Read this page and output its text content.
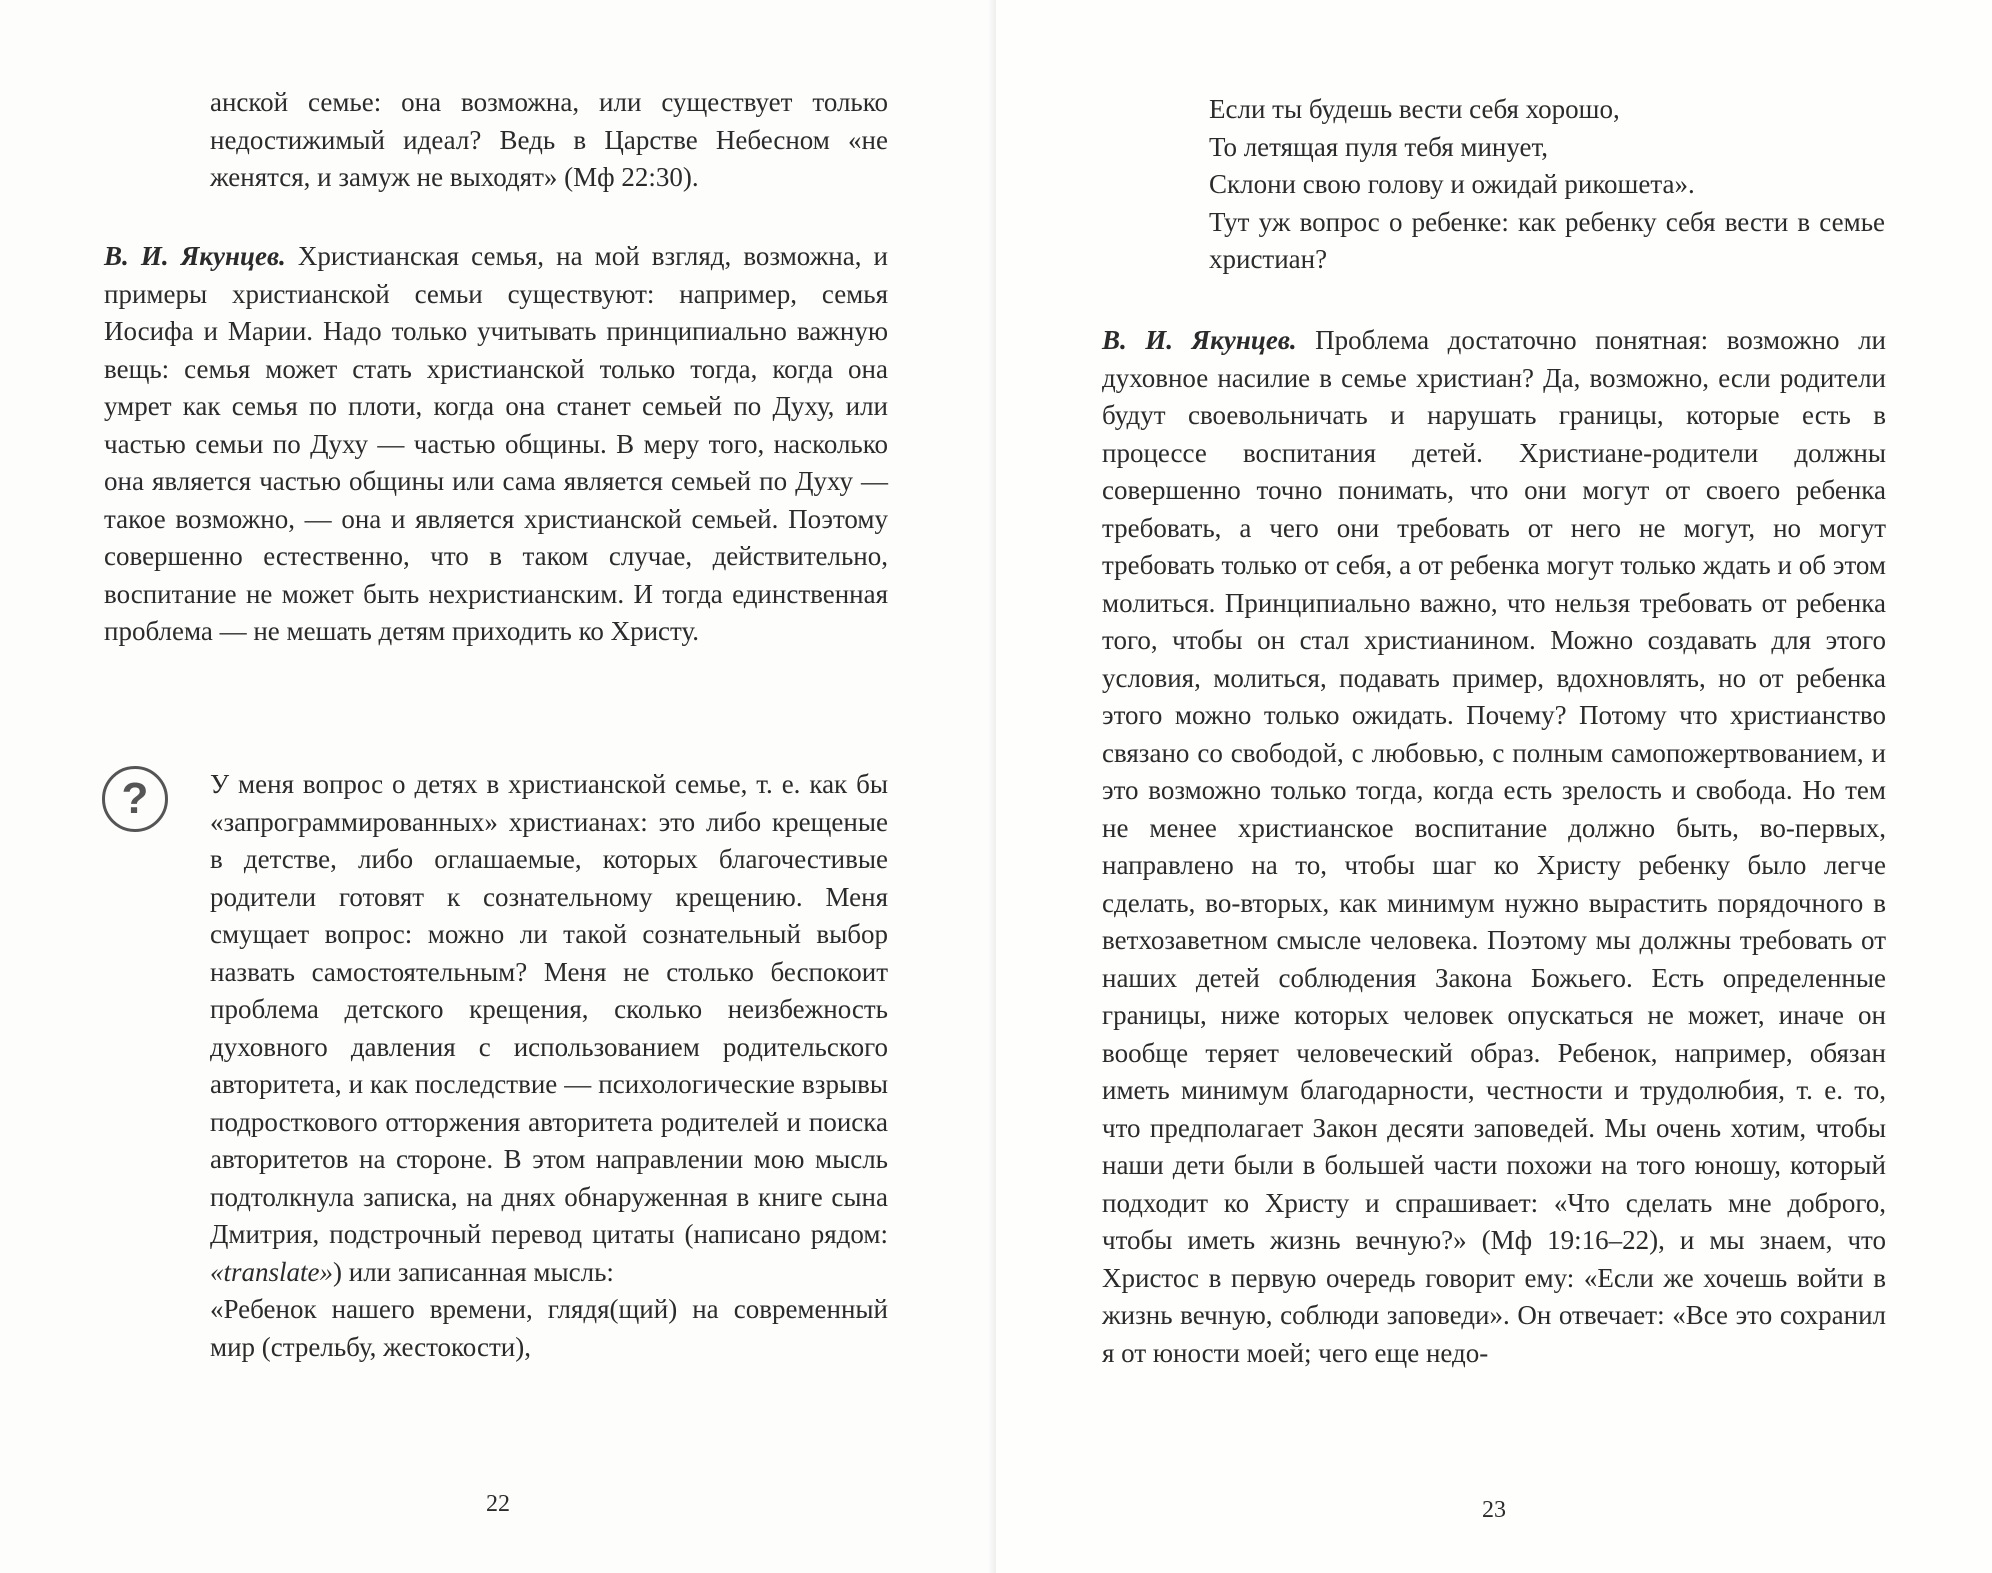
анской семье: она возможна, или существует только недостижимый идеал? Ведь в Царстве Небесном «не женятся, и замуж не выходят» (Мф 22:30).

В. И. Якунцев. Христианская семья, на мой взгляд, возможна, и примеры христианской семьи существуют: например, семья Иосифа и Марии. Надо только учитывать принципиально важную вещь: семья может стать христианской только тогда, когда она умрет как семья по плоти, когда она станет семьей по Духу, или частью семьи по Духу — частью общины. В меру того, насколько она является частью общины или сама является семьей по Духу — такое возможно, — она и является христианской семьей. Поэтому совершенно естественно, что в таком случае, действительно, воспитание не может быть нехристианским. И тогда единственная проблема — не мешать детям приходить ко Христу.

? У меня вопрос о детях в христианской семье, т. е. как бы «запрограммированных» христианах: это либо крещеные в детстве, либо оглашаемые, которых благочестивые родители готовят к сознательному крещению. Меня смущает вопрос: можно ли такой сознательный выбор назвать самостоятельным? Меня не столько беспокоит проблема детского крещения, сколько неизбежность духовного давления с использованием родительского авторитета, и как последствие — психологические взрывы подросткового отторжения авторитета родителей и поиска авторитетов на стороне. В этом направлении мою мысль подтолкнула записка, на днях обнаруженная в книге сына Дмитрия, подстрочный перевод цитаты (написано рядом: «translate») или записанная мысль:

«Ребенок нашего времени, глядя(щий) на современный мир (стрельбу, жестокости),

22

Если ты будешь вести себя хорошо,

То летящая пуля тебя минует,

Склони свою голову и ожидай рикошета».

Тут уж вопрос о ребенке: как ребенку себя вести в семье христиан?

В. И. Якунцев. Проблема достаточно понятная: возможно ли духовное насилие в семье христиан? Да, возможно, если родители будут своевольничать и нарушать границы, которые есть в процессе воспитания детей. Христиане-родители должны совершенно точно понимать, что они могут от своего ребенка требовать, а чего они требовать от него не могут, но могут требовать только от себя, а от ребенка могут только ждать и об этом молиться. Принципиально важно, что нельзя требовать от ребенка того, чтобы он стал христианином. Можно создавать для этого условия, молиться, подавать пример, вдохновлять, но от ребенка этого можно только ожидать. Почему? Потому что христианство связано со свободой, с любовью, с полным самопожертвованием, и это возможно только тогда, когда есть зрелость и свобода. Но тем не менее христианское воспитание должно быть, во-первых, направлено на то, чтобы шаг ко Христу ребенку было легче сделать, во-вторых, как минимум нужно вырастить порядочного в ветхозаветном смысле человека. Поэтому мы должны требовать от наших детей соблюдения Закона Божьего. Есть определенные границы, ниже которых человек опускаться не может, иначе он вообще теряет человеческий образ. Ребенок, например, обязан иметь минимум благодарности, честности и трудолюбия, т. е. то, что предполагает Закон десяти заповедей. Мы очень хотим, чтобы наши дети были в большей части похожи на того юношу, который подходит ко Христу и спрашивает: «Что сделать мне доброго, чтобы иметь жизнь вечную?» (Мф 19:16–22), и мы знаем, что Христос в первую очередь говорит ему: «Если же хочешь войти в жизнь вечную, соблюди заповеди». Он отвечает: «Все это сохранил я от юности моей; чего еще недо-

23
